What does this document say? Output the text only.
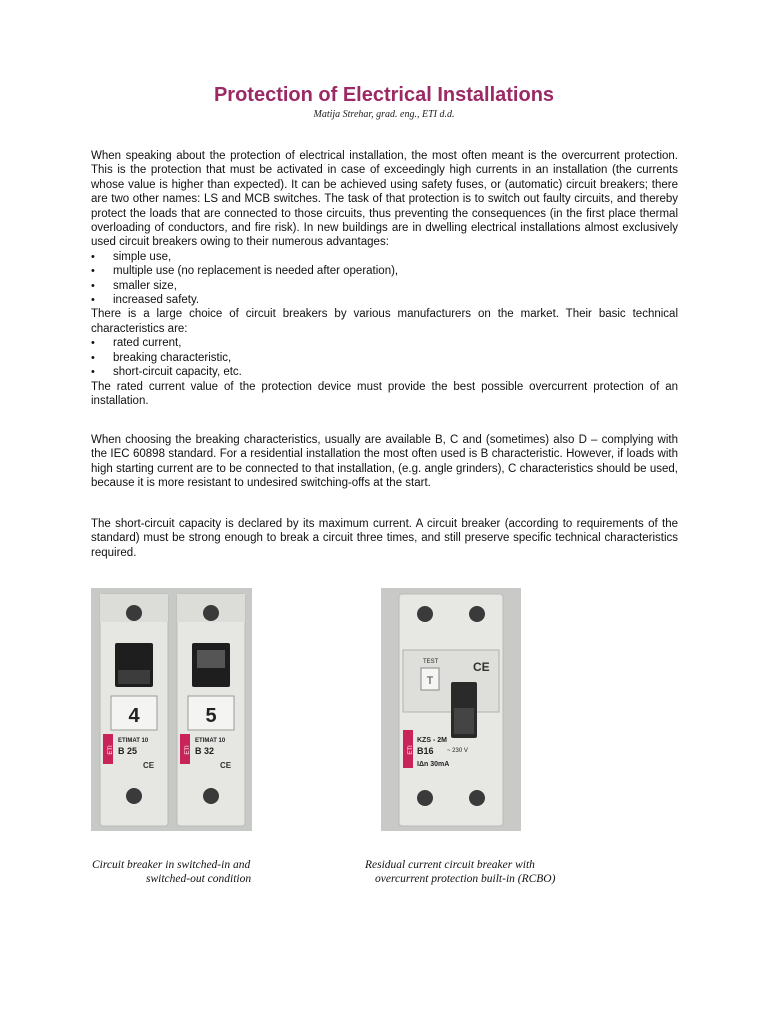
Protection of Electrical Installations
Matija Strehar, grad. eng., ETI d.d.

When speaking about the protection of electrical installation, the most often meant is the overcurrent protection. This is the protection that must be activated in case of exceedingly high currents in an installation (the currents whose value is higher than expected). It can be achieved using safety fuses, or (automatic) circuit breakers; there are two other names: LS and MCB switches. The task of that protection is to switch out faulty circuits, and thereby protect the loads that are connected to those circuits, thus preventing the consequences (in the first place thermal overloading of conductors, and fire risk). In new buildings are in dwelling electrical installations almost exclusively used circuit breakers owing to their numerous advantages:

• simple use,
• multiple use (no replacement is needed after operation),
• smaller size,
• increased safety.

There is a large choice of circuit breakers by various manufacturers on the market. Their basic technical characteristics are:

• rated current,
• breaking characteristic,
• short-circuit capacity, etc.

The rated current value of the protection device must provide the best possible overcurrent protection of an installation.

When choosing the breaking characteristics, usually are available B, C and (sometimes) also D – complying with the IEC 60898 standard. For a residential installation the most often used is B characteristic. However, if loads with high starting current are to be connected to that installation, (e.g. angle grinders), C characteristics should be used, because it is more resistant to undesired switching-offs at the start.
The short-circuit capacity is declared by its maximum current. A circuit breaker (according to requirements of the standard) must be strong enough to break a circuit three times, and still preserve specific technical characteristics required.
4
ETI
ETIMAT 10
B 25
CE
5
ETI
ETIMAT 10
B 32
CE
TEST
T
CE
ETI
KZS - 2M
B16 ~ 230 V
IΔn 30mA
Circuit breaker in switched-in and
switched-out condition
Residual current circuit breaker with
overcurrent protection built-in (RCBO)
